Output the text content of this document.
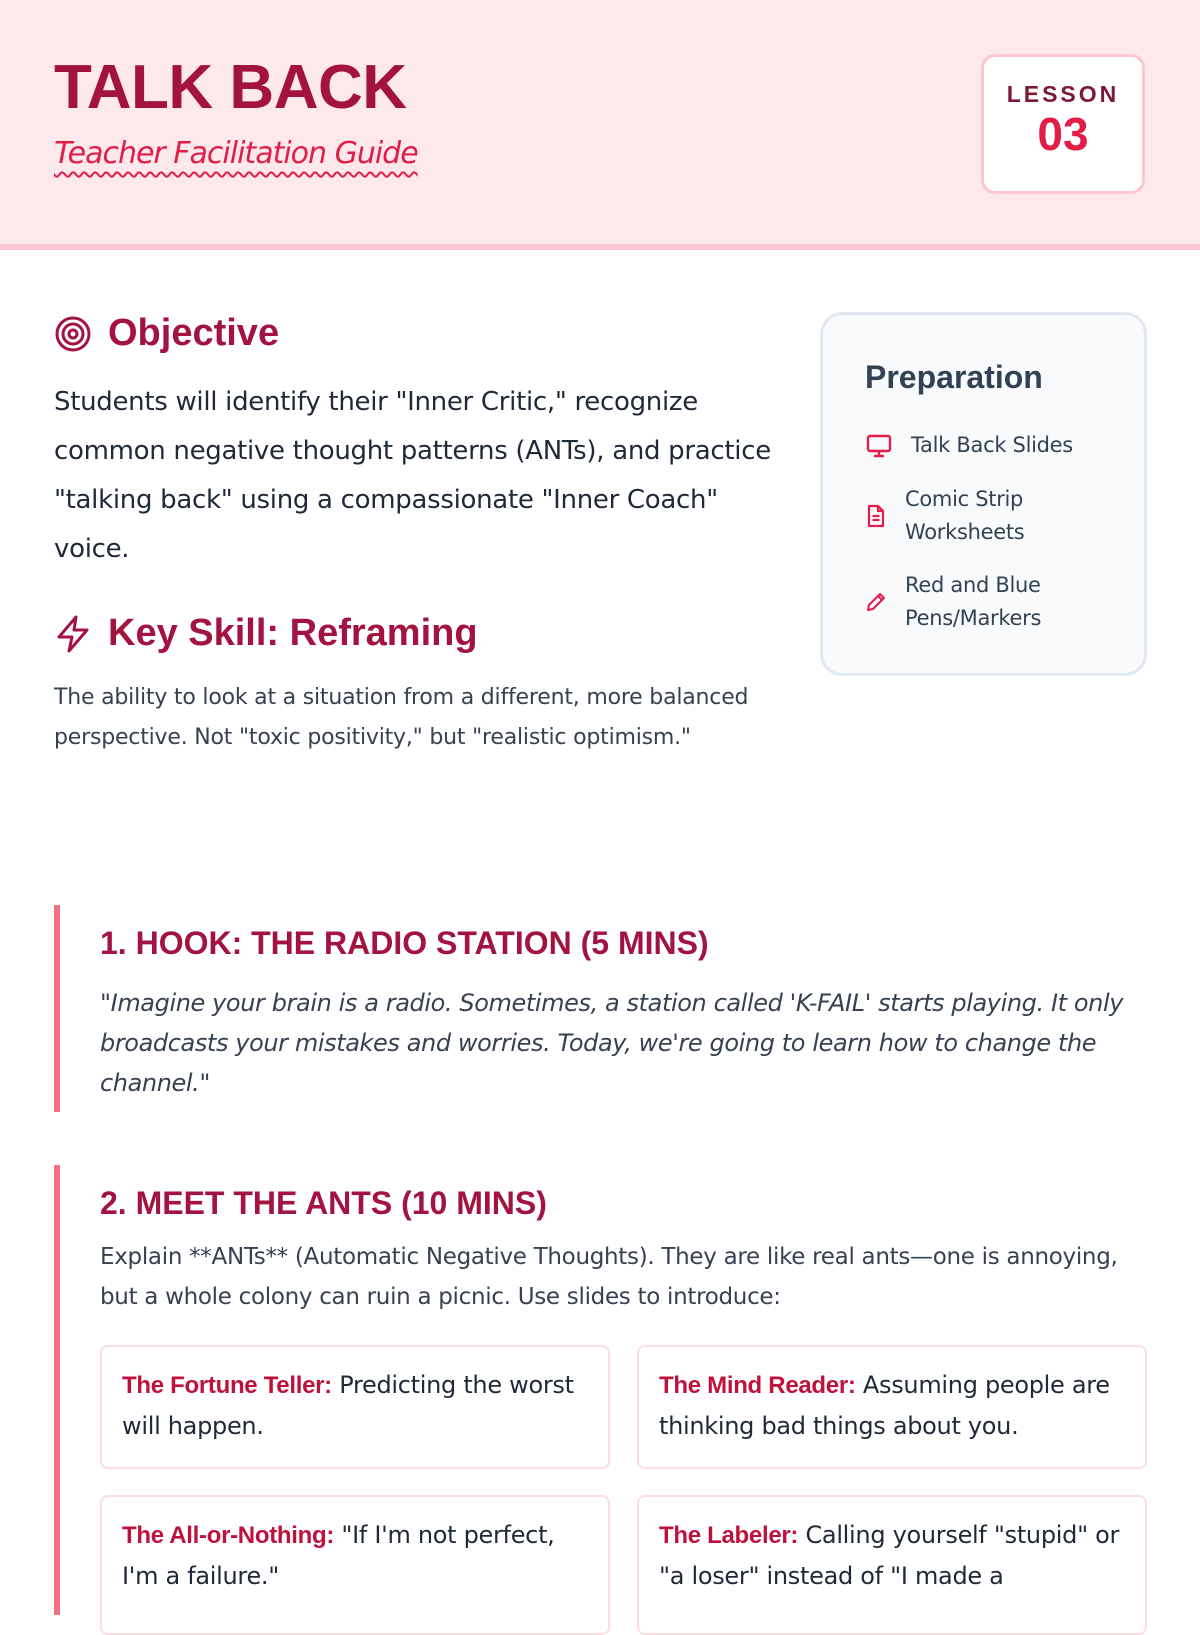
TALK BACK
Teacher Facilitation Guide
LESSON
03
Objective

Students will identify their "Inner Critic," recognize common negative thought patterns (ANTs), and practice "talking back" using a compassionate "Inner Coach" voice.

Key Skill: Reframing

The ability to look at a situation from a different, more balanced perspective. Not "toxic positivity," but "realistic optimism."

Preparation
Talk Back Slides
Comic Strip Worksheets
Red and Blue Pens/Markers
1. HOOK: THE RADIO STATION (5 MINS)

"Imagine your brain is a radio. Sometimes, a station called 'K-FAIL' starts playing. It only broadcasts your mistakes and worries. Today, we're going to learn how to change the channel."

2. MEET THE ANTS (10 MINS)

Explain **ANTs** (Automatic Negative Thoughts). They are like real ants—one is annoying, but a whole colony can ruin a picnic. Use slides to introduce:

The Fortune Teller: Predicting the worst will happen.
The Mind Reader: Assuming people are thinking bad things about you.
The All-or-Nothing: "If I'm not perfect, I'm a failure."
The Labeler: Calling yourself "stupid" or "a loser" instead of "I made a
